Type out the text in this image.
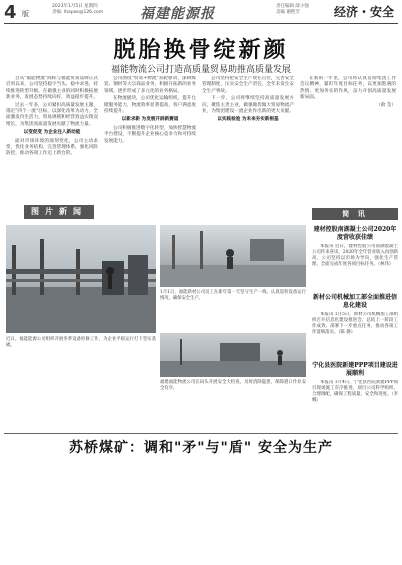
4 版
2023年1月5日 星期四
责编: lhapxe@126.com	福建能源报	责任编辑 薛小强
美编 谢艳芳	经济・安全
脱胎换骨绽新颜
福能物流公司打造高质量贸易助推高质量发展

自从"福能物流"商标与福能贸易品牌正式启用以来，公司坚持稳字当头、稳中求进，持续推进转型升级，在做强主业的同时积极拓展新业务，发展态势持续向好，效益稳步提升。

过去一年多，公司紧扣高质量发展主题，锚定"四个一流"目标，以深化改革为动力，全面激发内生活力，贸易规模和经营效益实现双增长，为集团高质量发展贡献了物流力量。

以变促变 为企业注入新动能

面对市场环境的深刻变化，公司主动求变，优化业务结构，完善管理体系，强化风险防控，推动各项工作迈上新台阶。

公司围绕"贸易+物流"双轮驱动，深耕煤炭、钢材等大宗商品业务，积极开拓新的业务领域，逐步形成了多元化的业务格局。

在物流板块，公司优化运输组织，提升仓储服务能力，物流效率显著提高，客户满意度持续提升。

以新求新 为发展开辟新赛道

公司积极推进数字化转型，加快智慧物流平台建设，不断提升企业核心竞争力和可持续发展能力。

公司坚持把安全生产放在首位，完善安全管理制度，压实安全生产责任，全年未发生安全生产事故。

下一步，公司将继续坚持高质量发展方向，聚焦主责主业，做强做优做大贸易物流产业，为集团建设一流企业作出新的更大贡献。

以实践检验 为未来夯实新根基

在新的一年里，公司将认真贯彻集团工作会议精神，紧盯年度目标任务，以更加饱满的热情、更加务实的作风，奋力开创高质量发展新局面。

（俞 莹）

图片新闻
1月1日，福能新材公司员工在新年第一天坚守生产一线，认真巡检设备运行情况，确保安全生产。
近日，福能能源公司组织开展冬季设备检修工作，为企业平稳运行打下坚实基础。
福建福能物流公司在码头开展安全大检查，及时消除隐患，保障港口作业安全有序。
简 讯
建材控股南湖凝土公司2020年度营收获佳绩
本报讯 近日，建材控股公司南湖混凝土公司传来喜讯，2020年全年营业收入再创新高，公司坚持以市场为导向，强化生产管理，全面完成年度各项目标任务。（林伟）
新材公司机械加工部全面推进信息化建设
本报讯 1月5日，新材公司机械加工部组织召开信息化建设推进会，总结上一阶段工作成效，部署下一步重点任务，推动各项工作落细落实。（陈 静）
宁化县医院新建PPP项目建设进展顺利
本报讯 1月4日，宁化县医院新建PPP项目现场施工有序推进，项目公司科学组织、合理调配，确保工程质量、安全和进度。（李 娜）
苏桥煤矿：调和"矛"与"盾" 安全为生产
